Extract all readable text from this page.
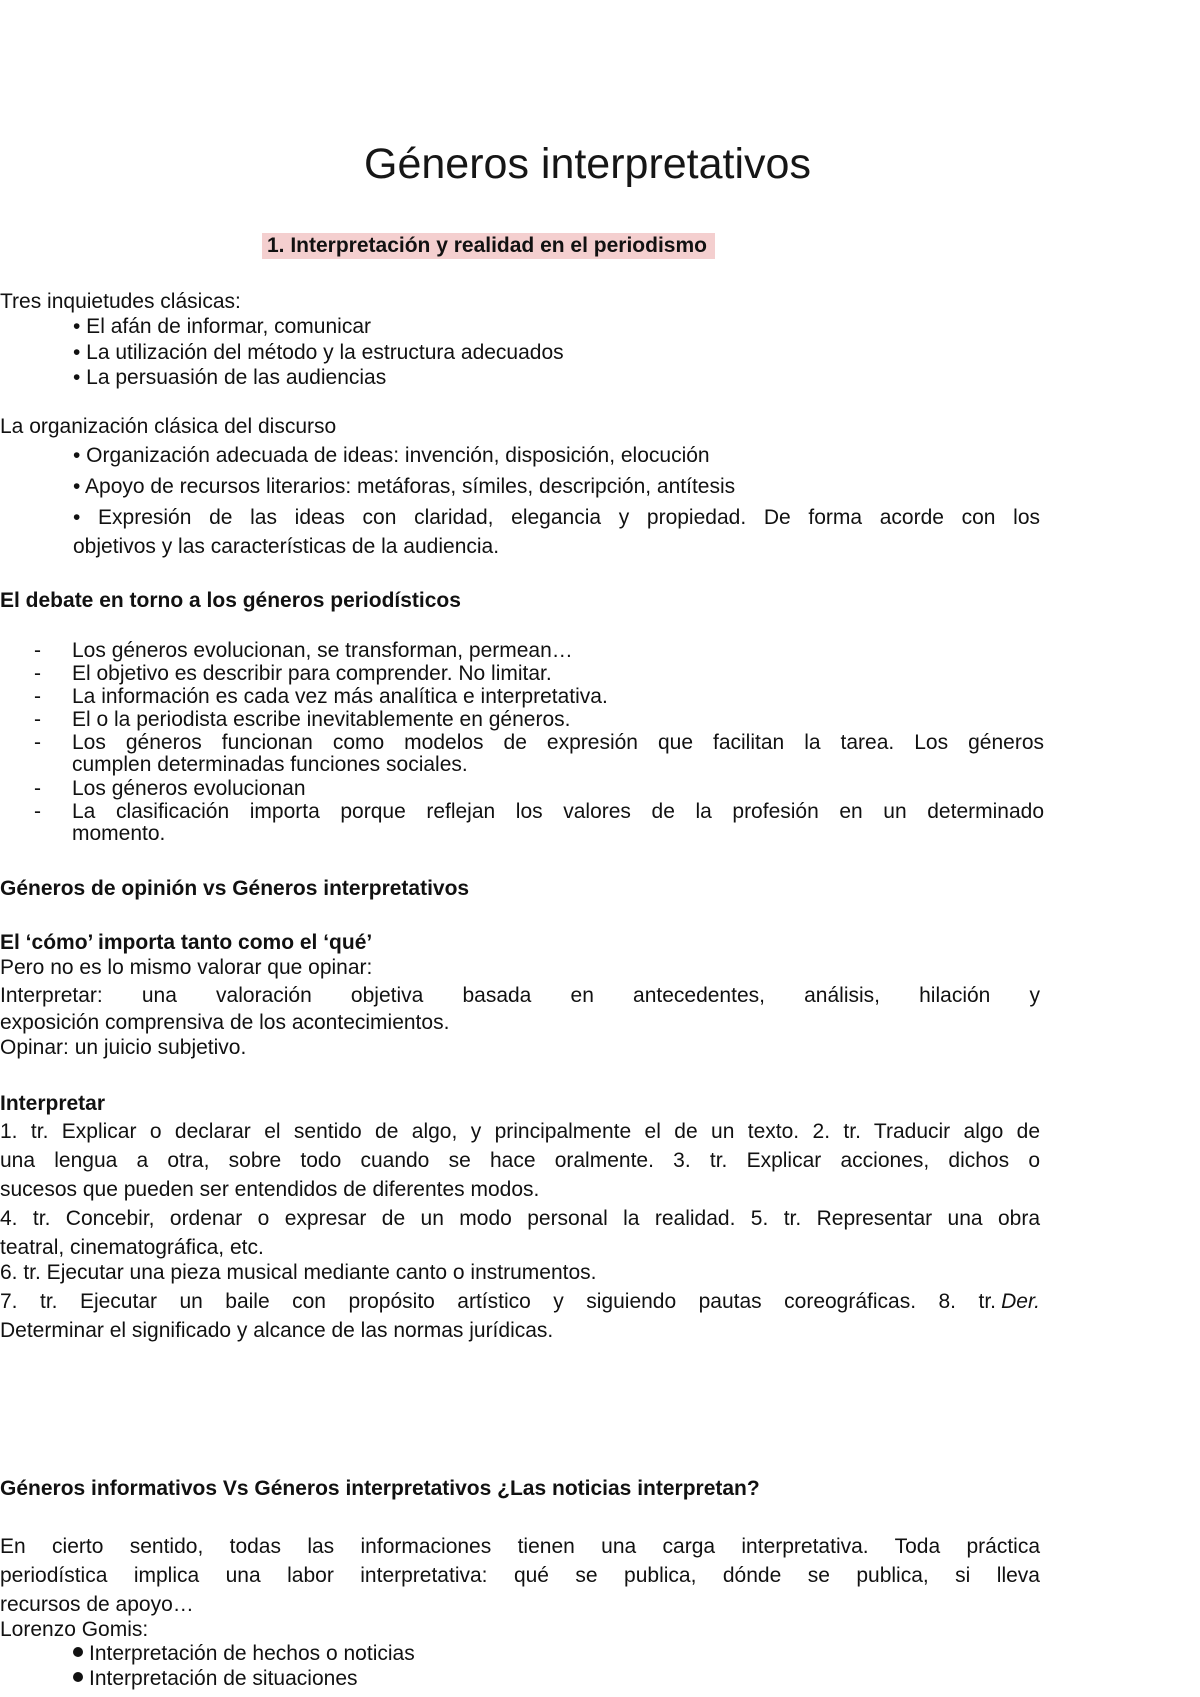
Géneros interpretativos
1. Interpretación y realidad en el periodismo
Tres inquietudes clásicas:
• El afán de informar, comunicar
• La utilización del método y la estructura adecuados
• La persuasión de las audiencias
La organización clásica del discurso
• Organización adecuada de ideas: invención, disposición, elocución
• Apoyo de recursos literarios: metáforas, símiles, descripción, antítesis
• Expresión de las ideas con claridad, elegancia y propiedad. De forma acorde con los
objetivos y las características de la audiencia.
El debate en torno a los géneros periodísticos
- Los géneros evolucionan, se transforman, permean…
- El objetivo es describir para comprender. No limitar.
- La información es cada vez más analítica e interpretativa.
- El o la periodista escribe inevitablemente en géneros.
- Los géneros funcionan como modelos de expresión que facilitan la tarea. Los géneros
cumplen determinadas funciones sociales.
- Los géneros evolucionan
- La clasificación importa porque reflejan los valores de la profesión en un determinado
momento.
Géneros de opinión vs Géneros interpretativos
El ‘cómo’ importa tanto como el ‘qué’
Pero no es lo mismo valorar que opinar:
Interpretar: una valoración objetiva basada en antecedentes, análisis, hilación y
exposición comprensiva de los acontecimientos.
Opinar: un juicio subjetivo.
Interpretar
1. tr. Explicar o declarar el sentido de algo, y principalmente el de un texto. 2. tr. Traducir algo de
una lengua a otra, sobre todo cuando se hace oralmente. 3. tr. Explicar acciones, dichos o
sucesos que pueden ser entendidos de diferentes modos.
4. tr. Concebir, ordenar o expresar de un modo personal la realidad. 5. tr. Representar una obra
teatral, cinematográfica, etc.
6. tr. Ejecutar una pieza musical mediante canto o instrumentos.
7. tr. Ejecutar un baile con propósito artístico y siguiendo pautas coreográficas. 8. tr. Der.
Determinar el significado y alcance de las normas jurídicas.
Géneros informativos Vs Géneros interpretativos ¿Las noticias interpretan?
En cierto sentido, todas las informaciones tienen una carga interpretativa. Toda práctica
periodística implica una labor interpretativa: qué se publica, dónde se publica, si lleva
recursos de apoyo…
Lorenzo Gomis:
Interpretación de hechos o noticias
Interpretación de situaciones
